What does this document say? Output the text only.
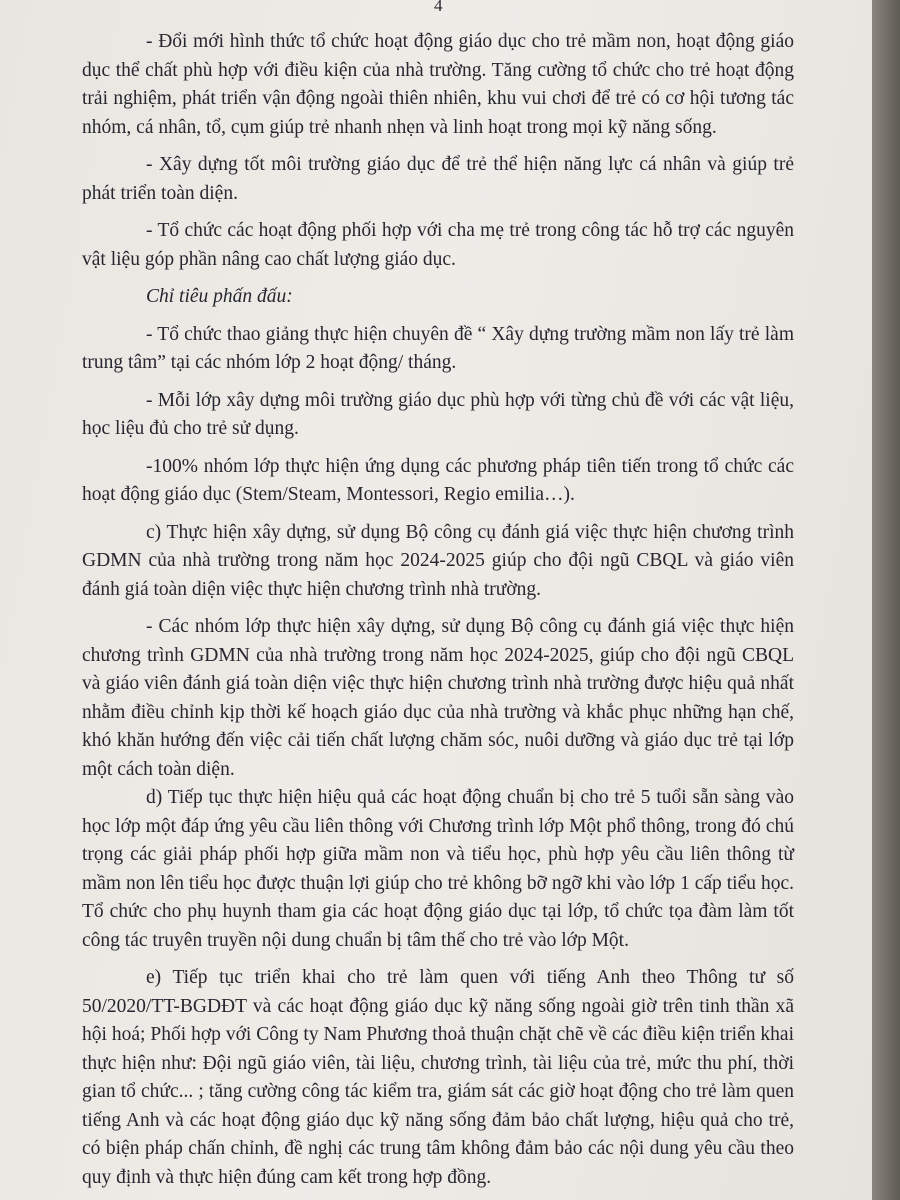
4

- Đổi mới hình thức tổ chức hoạt động giáo dục cho trẻ mầm non, hoạt động giáo dục thể chất phù hợp với điều kiện của nhà trường. Tăng cường tổ chức cho trẻ hoạt động trải nghiệm, phát triển vận động ngoài thiên nhiên, khu vui chơi để trẻ có cơ hội tương tác nhóm, cá nhân, tổ, cụm giúp trẻ nhanh nhẹn và linh hoạt trong mọi kỹ năng sống.

- Xây dựng tốt môi trường giáo dục để trẻ thể hiện năng lực cá nhân và giúp trẻ phát triển toàn diện.

- Tổ chức các hoạt động phối hợp với cha mẹ trẻ trong công tác hỗ trợ các nguyên vật liệu góp phần nâng cao chất lượng giáo dục.

Chỉ tiêu phấn đấu:

- Tổ chức thao giảng thực hiện chuyên đề “ Xây dựng trường mầm non lấy trẻ làm trung tâm” tại các nhóm lớp 2 hoạt động/ tháng.

- Mỗi lớp xây dựng môi trường giáo dục phù hợp với từng chủ đề với các vật liệu, học liệu đủ cho trẻ sử dụng.

-100% nhóm lớp thực hiện ứng dụng các phương pháp tiên tiến trong tổ chức các hoạt động giáo dục (Stem/Steam, Montessori, Regio emilia…).

c) Thực hiện xây dựng, sử dụng Bộ công cụ đánh giá việc thực hiện chương trình GDMN của nhà trường trong năm học 2024-2025 giúp cho đội ngũ CBQL và giáo viên đánh giá toàn diện việc thực hiện chương trình nhà trường.

- Các nhóm lớp thực hiện xây dựng, sử dụng Bộ công cụ đánh giá việc thực hiện chương trình GDMN của nhà trường trong năm học 2024-2025, giúp cho đội ngũ CBQL và giáo viên đánh giá toàn diện việc thực hiện chương trình nhà trường được hiệu quả nhất nhằm điều chỉnh kịp thời kế hoạch giáo dục của nhà trường và khắc phục những hạn chế, khó khăn hướng đến việc cải tiến chất lượng chăm sóc, nuôi dưỡng và giáo dục trẻ tại lớp một cách toàn diện.

d) Tiếp tục thực hiện hiệu quả các hoạt động chuẩn bị cho trẻ 5 tuổi sẵn sàng vào học lớp một đáp ứng yêu cầu liên thông với Chương trình lớp Một phổ thông, trong đó chú trọng các giải pháp phối hợp giữa mầm non và tiểu học, phù hợp yêu cầu liên thông từ mầm non lên tiểu học được thuận lợi giúp cho trẻ không bỡ ngỡ khi vào lớp 1 cấp tiểu học. Tổ chức cho phụ huynh tham gia các hoạt động giáo dục tại lớp, tổ chức tọa đàm làm tốt công tác truyên truyền nội dung chuẩn bị tâm thế cho trẻ vào lớp Một.

e) Tiếp tục triển khai cho trẻ làm quen với tiếng Anh theo Thông tư số 50/2020/TT-BGDĐT và các hoạt động giáo dục kỹ năng sống ngoài giờ trên tinh thần xã hội hoá; Phối hợp với Công ty Nam Phương thoả thuận chặt chẽ về các điều kiện triển khai thực hiện như: Đội ngũ giáo viên, tài liệu, chương trình, tài liệu của trẻ, mức thu phí, thời gian tổ chức... ; tăng cường công tác kiểm tra, giám sát các giờ hoạt động cho trẻ làm quen tiếng Anh và các hoạt động giáo dục kỹ năng sống đảm bảo chất lượng, hiệu quả cho trẻ, có biện pháp chấn chỉnh, đề nghị các trung tâm không đảm bảo các nội dung yêu cầu theo quy định và thực hiện đúng cam kết trong hợp đồng.
